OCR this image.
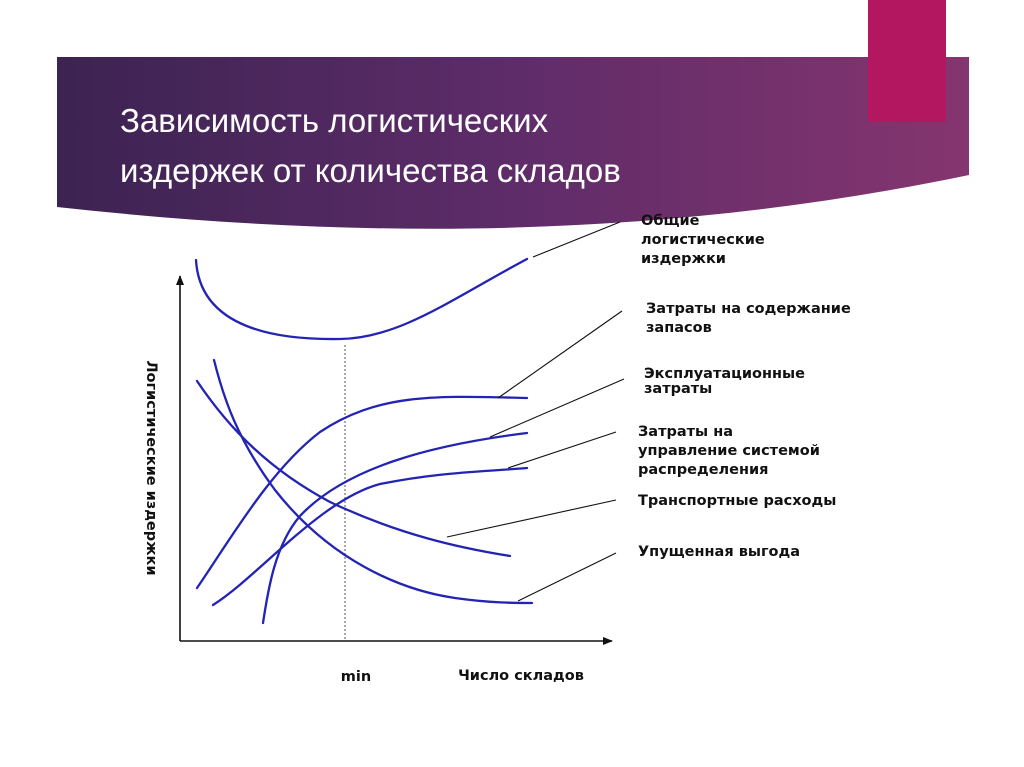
Зависимость логистических
издержек от количества складов
Логистические издержки
min	Число складов
Общие
логистические
издержки
Затраты на содержание
запасов
Эксплуатационные
затраты
Затраты на
управление системой
распределения
Транспортные расходы
Упущенная выгода
